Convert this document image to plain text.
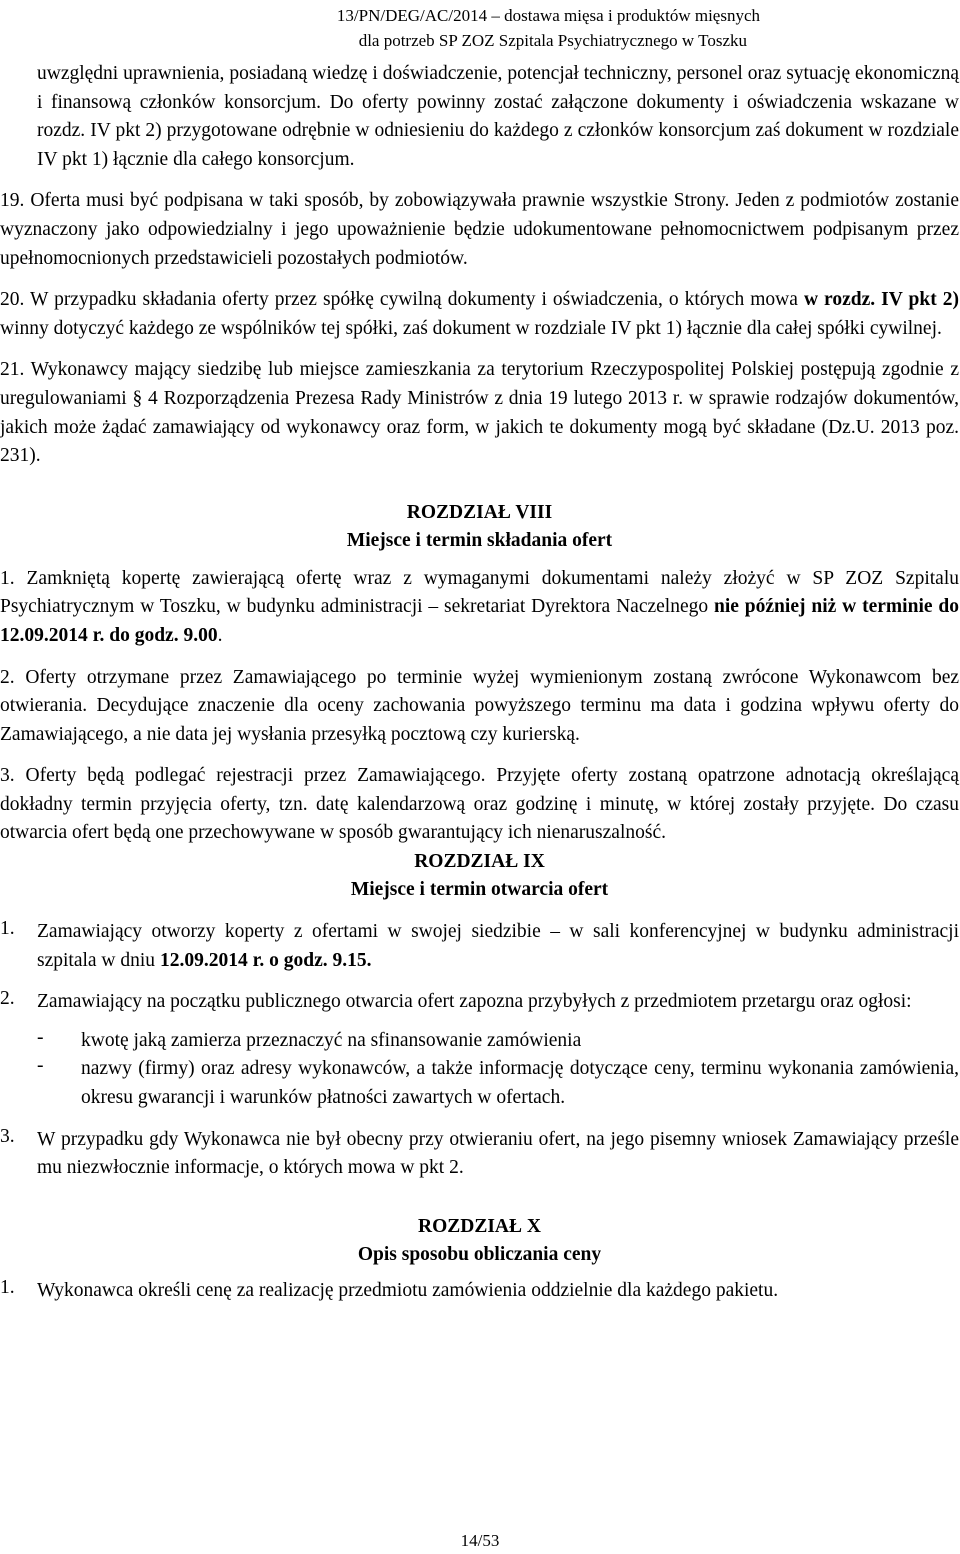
13/PN/DEG/AC/2014 – dostawa mięsa i produktów mięsnych
dla potrzeb SP ZOZ Szpitala Psychiatrycznego w Toszku

uwzględni uprawnienia, posiadaną wiedzę i doświadczenie, potencjał techniczny, personel oraz sytuację ekonomiczną i finansową członków konsorcjum. Do oferty powinny zostać załączone dokumenty i oświadczenia wskazane w rozdz. IV pkt 2) przygotowane odrębnie w odniesieniu do każdego z członków konsorcjum zaś dokument w rozdziale IV pkt 1) łącznie dla całego konsorcjum.

19. Oferta musi być podpisana w taki sposób, by zobowiązywała prawnie wszystkie Strony. Jeden z podmiotów zostanie wyznaczony jako odpowiedzialny i jego upoważnienie będzie udokumentowane pełnomocnictwem podpisanym przez upełnomocnionych przedstawicieli pozostałych podmiotów.

20. W przypadku składania oferty przez spółkę cywilną dokumenty i oświadczenia, o których mowa w rozdz. IV pkt 2) winny dotyczyć każdego ze wspólników tej spółki, zaś dokument w rozdziale IV pkt 1) łącznie dla całej spółki cywilnej.

21. Wykonawcy mający siedzibę lub miejsce zamieszkania za terytorium Rzeczypospolitej Polskiej postępują zgodnie z uregulowaniami § 4 Rozporządzenia Prezesa Rady Ministrów z dnia 19 lutego 2013 r. w sprawie rodzajów dokumentów, jakich może żądać zamawiający od wykonawcy oraz form, w jakich te dokumenty mogą być składane (Dz.U. 2013 poz. 231).

ROZDZIAŁ VIII
Miejsce i termin składania ofert

1. Zamkniętą kopertę zawierającą ofertę wraz z wymaganymi dokumentami należy złożyć w SP ZOZ Szpitalu Psychiatrycznym w Toszku, w budynku administracji – sekretariat Dyrektora Naczelnego nie później niż w terminie do 12.09.2014 r. do godz. 9.00.

2. Oferty otrzymane przez Zamawiającego po terminie wyżej wymienionym zostaną zwrócone Wykonawcom bez otwierania. Decydujące znaczenie dla oceny zachowania powyższego terminu ma data i godzina wpływu oferty do Zamawiającego, a nie data jej wysłania przesyłką pocztową czy kurierską.

3. Oferty będą podlegać rejestracji przez Zamawiającego. Przyjęte oferty zostaną opatrzone adnotacją określającą dokładny termin przyjęcia oferty, tzn. datę kalendarzową oraz godzinę i minutę, w której zostały przyjęte. Do czasu otwarcia ofert będą one przechowywane w sposób gwarantujący ich nienaruszalność.

ROZDZIAŁ IX
Miejsce i termin otwarcia ofert
1. Zamawiający otworzy koperty z ofertami w swojej siedzibie – w sali konferencyjnej w budynku administracji szpitala w dniu 12.09.2014 r. o godz. 9.15.

2. Zamawiający na początku publicznego otwarcia ofert zapozna przybyłych z przedmiotem przetargu oraz ogłosi:

- kwotę jaką zamierza przeznaczyć na sfinansowanie zamówienia

- nazwy (firmy) oraz adresy wykonawców, a także informację dotyczące ceny, terminu wykonania zamówienia, okresu gwarancji i warunków płatności zawartych w ofertach.

3. W przypadku gdy Wykonawca nie był obecny przy otwieraniu ofert, na jego pisemny wniosek Zamawiający prześle mu niezwłocznie informacje, o których mowa w pkt 2.

ROZDZIAŁ X
Opis sposobu obliczania ceny
1. Wykonawca określi cenę za realizację przedmiotu zamówienia oddzielnie dla każdego pakietu.

14/53
